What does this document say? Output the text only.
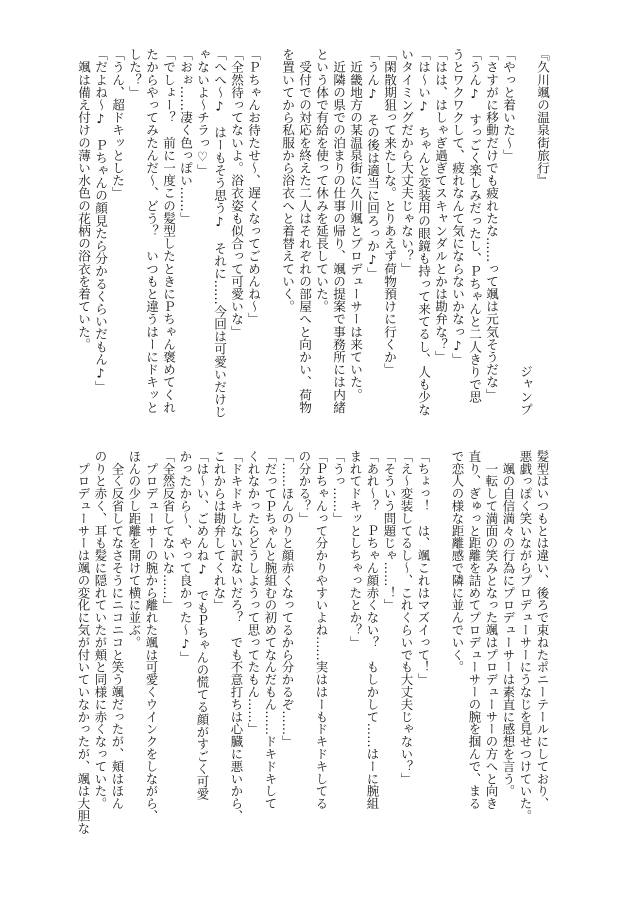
『久川颯の温泉街旅行』

ジャンプ

「やっと着いた～」

「さすがに移動だけでも疲れたな……って颯は元気そうだな」

「うん♪　すっごく楽しみだったし、Ｐちゃんと二人きりで思

うとワクワクして、疲れなんて気にならないかなっ♪」

「はは、はしゃぎ過ぎてスキャンダルとかは勘弁な？」

「は～い♪　ちゃんと変装用の眼鏡も持って来てるし、人も少な

いタイミングだから大丈夫じゃない？」

「閑散期狙って来たしな。とりあえず荷物預けに行くか」

「うん♪　その後は適当に回ろっか♪」

　近畿地方の某温泉街に久川颯とプロデューサーは来ていた。

　近隣の県での泊まりの仕事の帰り、颯の提案で事務所には内緒

という体で有給を使って休みを延長していた。

　受付での対応を終えた二人はそれぞれの部屋へと向かい、荷物

を置いてから私服から浴衣へと着替えていく。

「Ｐちゃんお待たせ～、遅くなってごめんね～」

「全然待ってないよ。浴衣姿も似合って可愛いな」

「へへ～♪　はーもそう思う♪　それに……今回は可愛いだけじ

ゃないよ～チラっ♡」

「おぉ……凄く色っぽい……」

「でしょー？　前に一度この髪型したときにＰちゃん褒めてくれ

たからやってみたんだ～、どう？　いつもと違うはーにドキッと

した？」

「うん、超ドキッとした」

「だよね～♪　Ｐちゃんの顔見たら分かるくらいだもん♪」

　颯は備え付けの薄い水色の花柄の浴衣を着ていた。

髪型はいつもとは違い、後ろで束ねたポニーテールにしており、

悪戯っぽく笑いながらプロデューサーにうなじを見せつけていた。

　颯の自信満々の行為にプロデューサーは素直に感想を言う。

　一転して満面の笑みとなった颯はプロデューサーの方へと向き

直り、ぎゅっと距離を詰めてプロデューサーの腕を掴んで、まる

で恋人の様な距離感で隣に並んでいく。

「ちょっ！　は、颯これはマズイって！」

「え～変装してるし～、これくらいでも大丈夫じゃない？」

「そういう問題じゃ……！」

「あれ～？　Ｐちゃん顔赤くない？　もしかして……はーに腕組

まれてドキッとしちゃったとか？」

「うっ……」

「Ｐちゃんって分かりやすいよね……実ははーもドキドキしてる

の分かる？」

「……ほんのりと顔赤くなってるから分かるぞ……」

「だってＰちゃんと腕組むの初めてなんだもん……ドキドキして

くれなかったらどうしようって思ってたもん……」

「ドキドキしない訳ないだろ？　でも不意打ちは心臓に悪いから、

これからは勘弁してくれな」

「は～い、ごめんね♪　でもＰちゃんの慌てる顔がすごく可愛

かったから～、やって良かった～♪」

「全然反省してないな……」

　プロデューサーの腕から離れた颯は可愛くウインクをしながら、

ほんの少し距離を開けて横に並ぶ。

　全く反省してなさそうにニコニコと笑う颯だったが、頬はほん

のりと赤く、耳も髪に隠れていたが頬と同様に赤くなっていた。

　プロデューサーは颯の変化に気が付いていなかったが、颯は大胆な
